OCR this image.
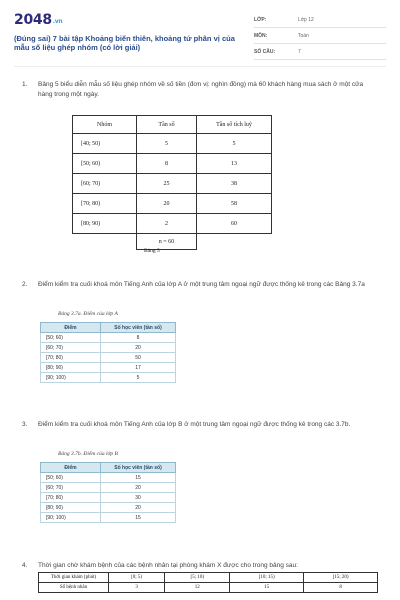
2048.vn
(Đúng sai) 7 bài tập Khoảng biến thiên, khoảng tứ phân vị của mẫu số liệu ghép nhóm (có lời giải)
LỚP:	Lớp 12
MÔN:	Toán
SỐ CÂU:	7
1. Bảng 5 biểu diễn mẫu số liệu ghép nhóm về số tiền (đơn vị: nghìn đồng) mà 60 khách hàng mua sách ở một cửa hàng trong một ngày.
Nhóm	Tần số	Tần số tích luỹ
[40; 50)	5	5
[50; 60)	8	13
[60; 70)	25	38
[70; 80)	20	58
[80; 90)	2	60
	n = 60	
Bảng 5
2. Điểm kiểm tra cuối khoá môn Tiếng Anh của lớp A ở một trung tâm ngoại ngữ được thống kê trong các Bảng 3.7a
Bảng 3.7a. Điểm của lớp A
Điểm	Số học viên (tần số)
[50; 60)	8
[60; 70)	20
[70; 80)	50
[80; 90)	17
[90; 100)	5
3. Điểm kiểm tra cuối khoá môn Tiếng Anh của lớp B ở một trung tâm ngoại ngữ được thống kê trong các 3.7b.
Bảng 3.7b. Điểm của lớp B
Điểm	Số học viên (tần số)
[50; 60)	15
[60; 70)	20
[70; 80)	30
[80; 90)	20
[90; 100)	15
4. Thời gian chờ khám bệnh của các bệnh nhân tại phòng khám X được cho trong bảng sau:
Thời gian khám (phút)	[0; 5)	[5; 10)	[10; 15)	[15; 20)
Số bệnh nhân	3	12	15	8
